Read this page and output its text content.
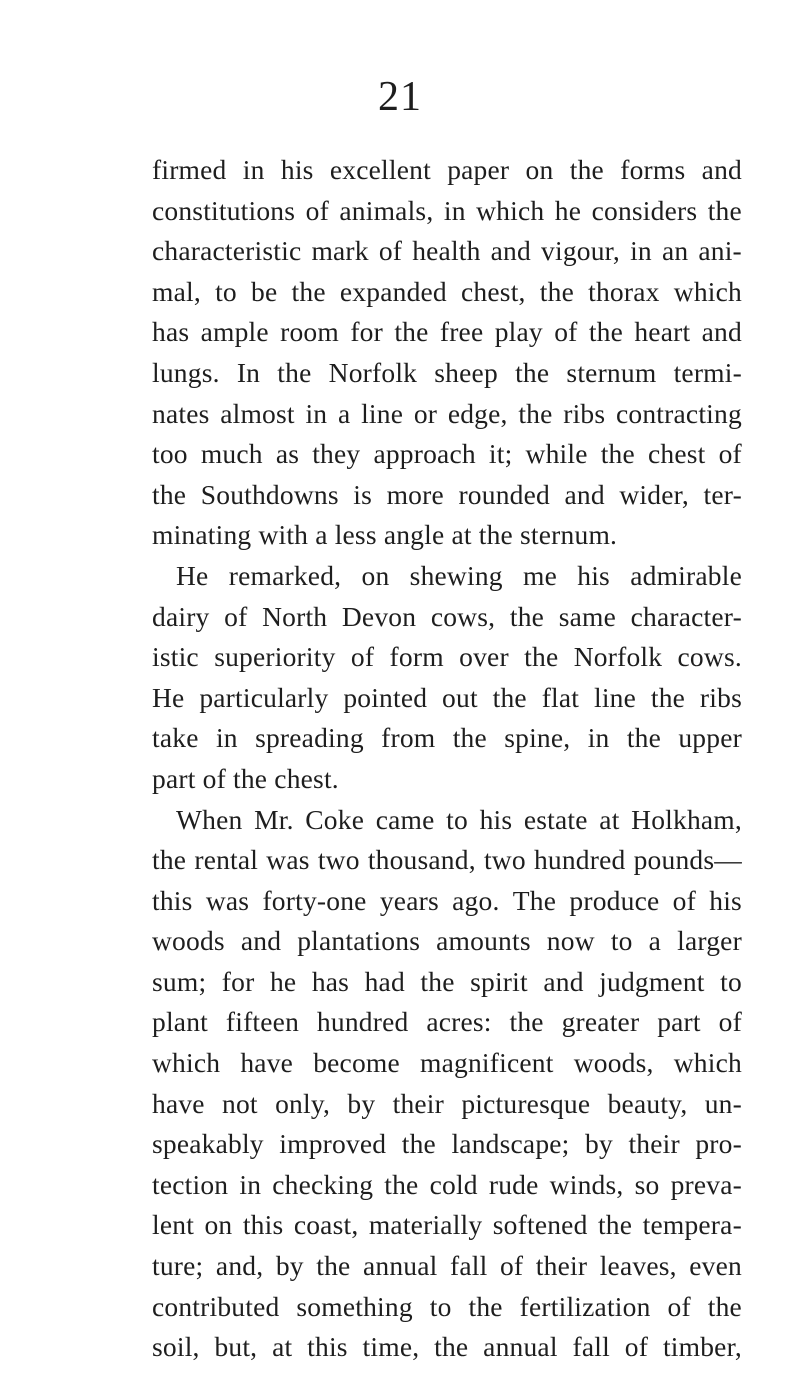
21
firmed in his excellent paper on the forms and
constitutions of animals, in which he considers the
characteristic mark of health and vigour, in an ani-
mal, to be the expanded chest, the thorax which
has ample room for the free play of the heart and
lungs. In the Norfolk sheep the sternum termi-
nates almost in a line or edge, the ribs contracting
too much as they approach it; while the chest of
the Southdowns is more rounded and wider, ter-
minating with a less angle at the sternum.
He remarked, on shewing me his admirable
dairy of North Devon cows, the same character-
istic superiority of form over the Norfolk cows.
He particularly pointed out the flat line the ribs
take in spreading from the spine, in the upper
part of the chest.
When Mr. Coke came to his estate at Holkham,
the rental was two thousand, two hundred pounds—
this was forty-one years ago. The produce of his
woods and plantations amounts now to a larger
sum; for he has had the spirit and judgment to
plant fifteen hundred acres: the greater part of
which have become magnificent woods, which
have not only, by their picturesque beauty, un-
speakably improved the landscape; by their pro-
tection in checking the cold rude winds, so preva-
lent on this coast, materially softened the tempera-
ture; and, by the annual fall of their leaves, even
contributed something to the fertilization of the
soil, but, at this time, the annual fall of timber,
